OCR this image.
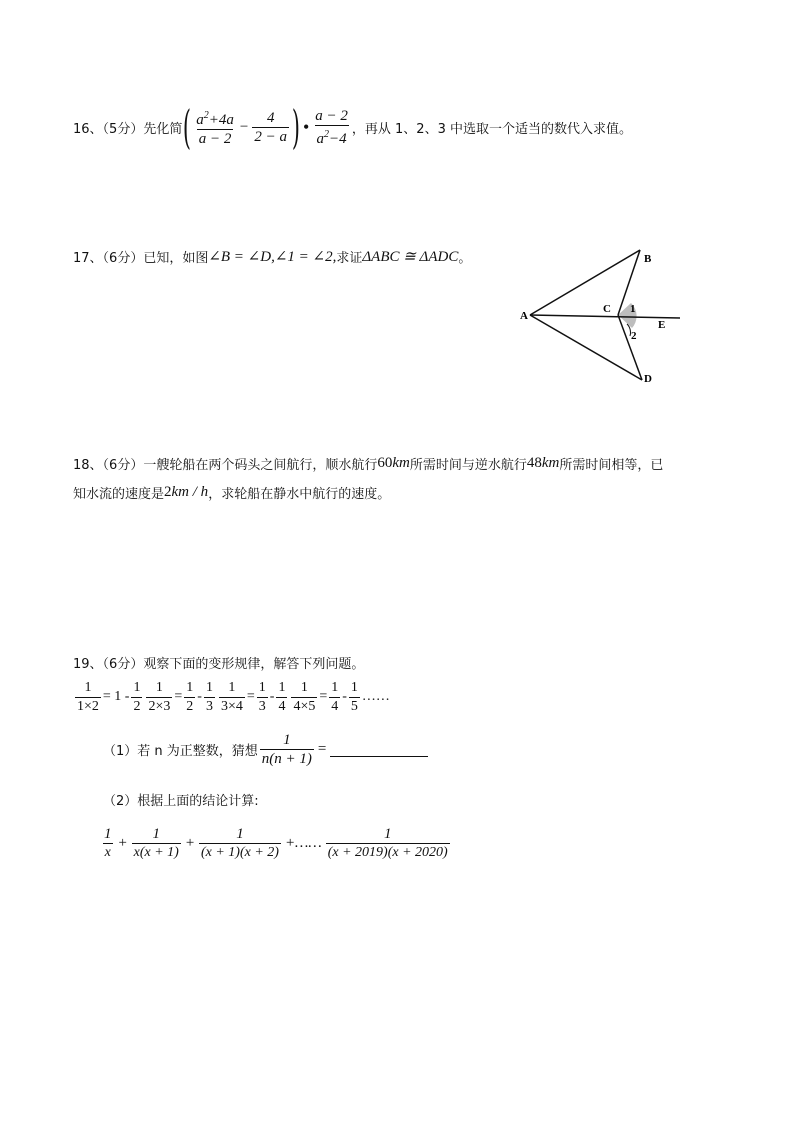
16、（5分）先化简 ( $\frac{a^2+4a}{a - 2} - \frac{4}{2 - a}$ ) • $\frac{a - 2}{a^2-4}$ ，再从 1、2、3 中选取一个适当的数代入求值。
17、（6分）已知，如图 ∠B = ∠D,∠1 = ∠2, 求证 ΔABC ≅ ΔADC 。
A
B
C
D
E
1
2
18、（6分）一艘轮船在两个码头之间航行，顺水航行 60 km 所需时间与逆水航行 48 km 所需时间相等，已
知水流的速度是 2 km / h ，求轮船在静水中航行的速度。
19、（6分）观察下面的变形规律，解答下列问题。
$\frac{1}{1\times 2} = 1 - \frac{1}{2} \frac{1}{2\times 3} = \frac{1}{2} - \frac{1}{3} \frac{1}{3\times 4} = \frac{1}{3} - \frac{1}{4} \frac{1}{4\times 5} = \frac{1}{4} - \frac{1}{5}$ ……
（1）若 n 为正整数，猜想 $\frac{1}{n(n + 1)}$ =
（2）根据上面的结论计算:
$\frac{1}{x} + \frac{1}{x(x + 1)} + \frac{1}{(x + 1)(x + 2)}$ +…… $\frac{1}{(x + 2019)(x + 2020)}$
